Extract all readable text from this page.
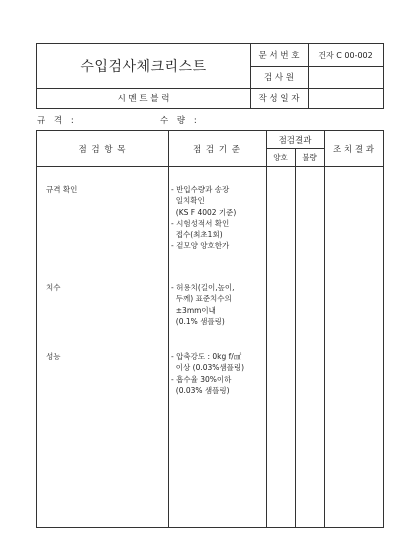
수입검사체크리스트
문 서 번 호	건자 C 00-002
검 사 원
시 멘 트 블 럭	작 성 일 자
규 격 :	수 량 :
점 검 항 목	점 검 기 준
점검결과
양호	불량
조 치 결 과
규격 확인	- 반입수량과 송장
일치확인
(KS F 4002 기준)
- 시험성적서 확인
접수(최초1회)
- 겉모양 양호한가
치수	- 허용치(길이,높이,
두께) 표준치수의
±3mm이내
(0.1% 샘플링)
성능	- 압축강도 : 0kg f/㎠
이상 (0.03%샘플링)
- 흡수율 30%이하
(0.03% 샘플링)
